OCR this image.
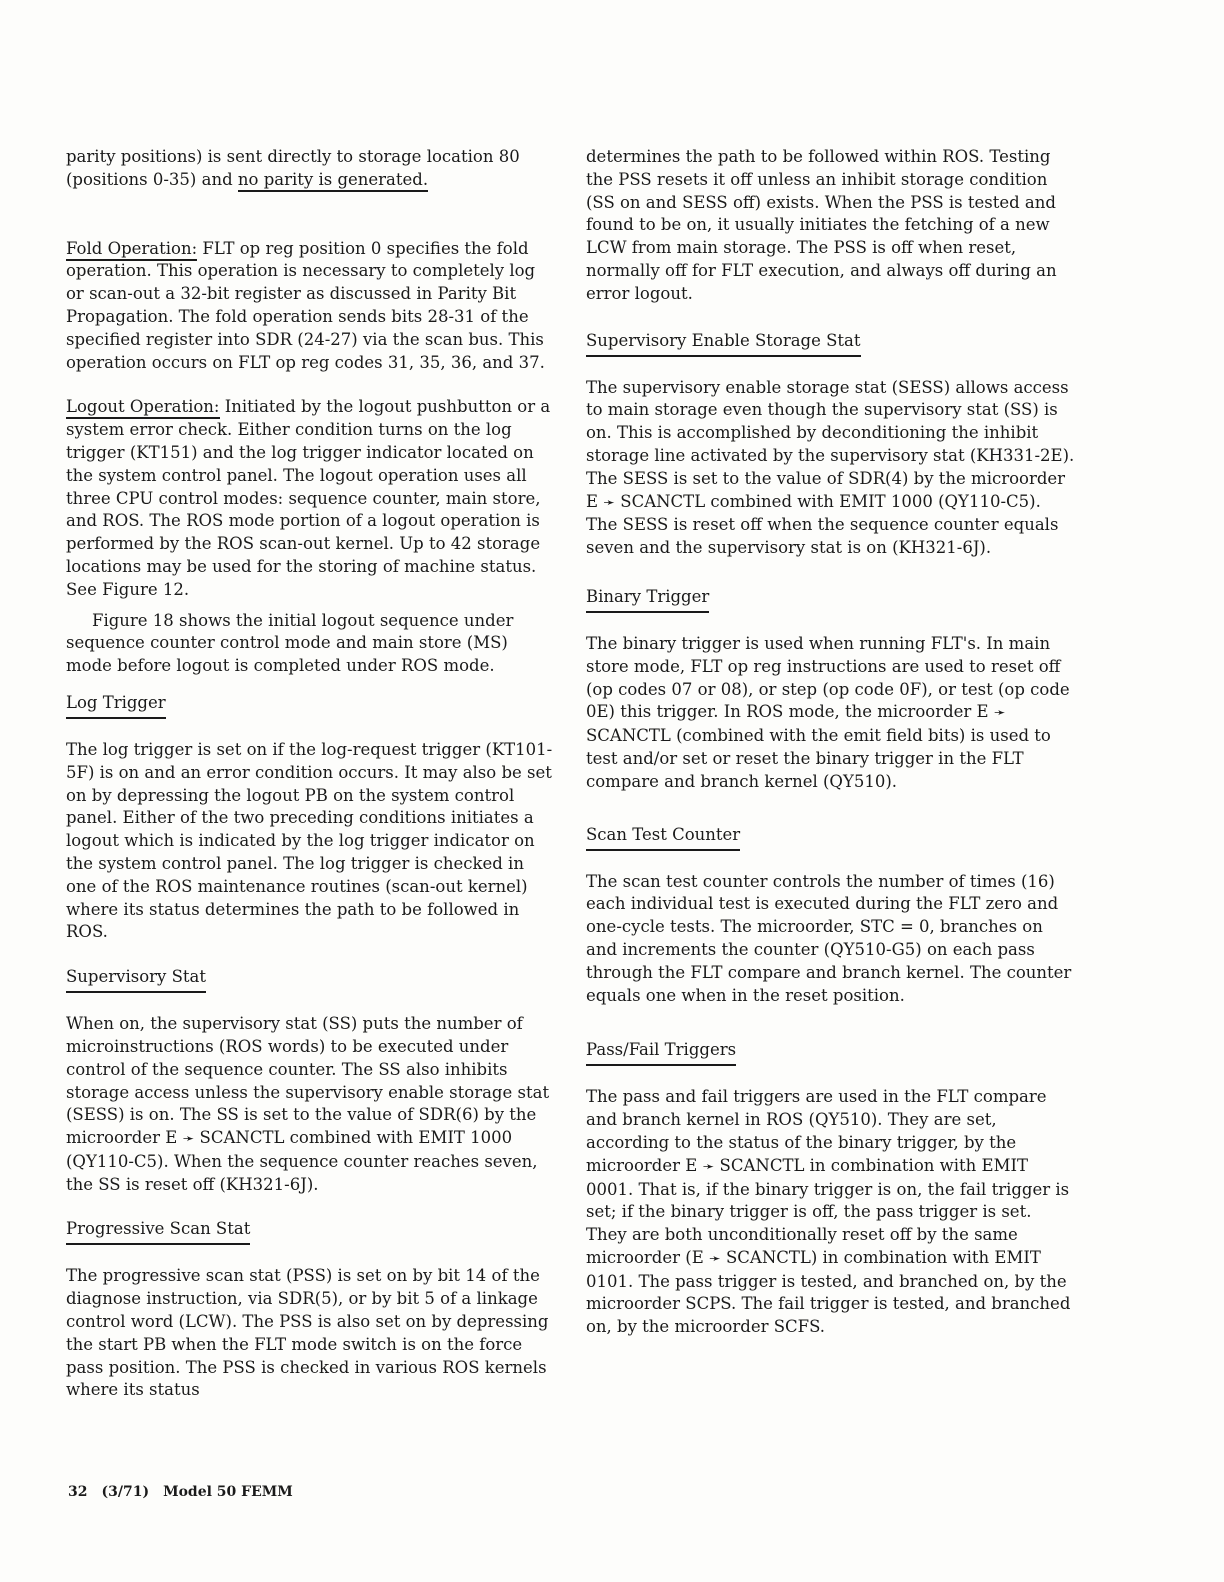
parity positions) is sent directly to storage location 80 (positions 0-35) and no parity is generated.

Fold Operation: FLT op reg position 0 specifies the fold operation. This operation is necessary to completely log or scan-out a 32-bit register as discussed in Parity Bit Propagation. The fold operation sends bits 28-31 of the specified register into SDR (24-27) via the scan bus. This operation occurs on FLT op reg codes 31, 35, 36, and 37.

Logout Operation: Initiated by the logout pushbutton or a system error check. Either condition turns on the log trigger (KT151) and the log trigger indicator located on the system control panel. The logout operation uses all three CPU control modes: sequence counter, main store, and ROS. The ROS mode portion of a logout operation is performed by the ROS scan-out kernel. Up to 42 storage locations may be used for the storing of machine status. See Figure 12.

Figure 18 shows the initial logout sequence under sequence counter control mode and main store (MS) mode before logout is completed under ROS mode.

Log Trigger

The log trigger is set on if the log-request trigger (KT101-5F) is on and an error condition occurs. It may also be set on by depressing the logout PB on the system control panel. Either of the two preceding conditions initiates a logout which is indicated by the log trigger indicator on the system control panel. The log trigger is checked in one of the ROS maintenance routines (scan-out kernel) where its status determines the path to be followed in ROS.

Supervisory Stat

When on, the supervisory stat (SS) puts the number of microinstructions (ROS words) to be executed under control of the sequence counter. The SS also inhibits storage access unless the supervisory enable storage stat (SESS) is on. The SS is set to the value of SDR(6) by the microorder E ➛ SCANCTL combined with EMIT 1000 (QY110-C5). When the sequence counter reaches seven, the SS is reset off (KH321-6J).

Progressive Scan Stat

The progressive scan stat (PSS) is set on by bit 14 of the diagnose instruction, via SDR(5), or by bit 5 of a linkage control word (LCW). The PSS is also set on by depressing the start PB when the FLT mode switch is on the force pass position. The PSS is checked in various ROS kernels where its status

determines the path to be followed within ROS. Testing the PSS resets it off unless an inhibit storage condition (SS on and SESS off) exists. When the PSS is tested and found to be on, it usually initiates the fetching of a new LCW from main storage. The PSS is off when reset, normally off for FLT execution, and always off during an error logout.

Supervisory Enable Storage Stat

The supervisory enable storage stat (SESS) allows access to main storage even though the supervisory stat (SS) is on. This is accomplished by deconditioning the inhibit storage line activated by the supervisory stat (KH331-2E). The SESS is set to the value of SDR(4) by the microorder E ➛ SCANCTL combined with EMIT 1000 (QY110-C5). The SESS is reset off when the sequence counter equals seven and the supervisory stat is on (KH321-6J).

Binary Trigger

The binary trigger is used when running FLT's. In main store mode, FLT op reg instructions are used to reset off (op codes 07 or 08), or step (op code 0F), or test (op code 0E) this trigger. In ROS mode, the microorder E ➛ SCANCTL (combined with the emit field bits) is used to test and/or set or reset the binary trigger in the FLT compare and branch kernel (QY510).

Scan Test Counter

The scan test counter controls the number of times (16) each individual test is executed during the FLT zero and one-cycle tests. The microorder, STC = 0, branches on and increments the counter (QY510-G5) on each pass through the FLT compare and branch kernel. The counter equals one when in the reset position.

Pass/Fail Triggers

The pass and fail triggers are used in the FLT compare and branch kernel in ROS (QY510). They are set, according to the status of the binary trigger, by the microorder E ➛ SCANCTL in combination with EMIT 0001. That is, if the binary trigger is on, the fail trigger is set; if the binary trigger is off, the pass trigger is set. They are both unconditionally reset off by the same microorder (E ➛ SCANCTL) in combination with EMIT 0101. The pass trigger is tested, and branched on, by the microorder SCPS. The fail trigger is tested, and branched on, by the microorder SCFS.

32 (3/71) Model 50 FEMM
